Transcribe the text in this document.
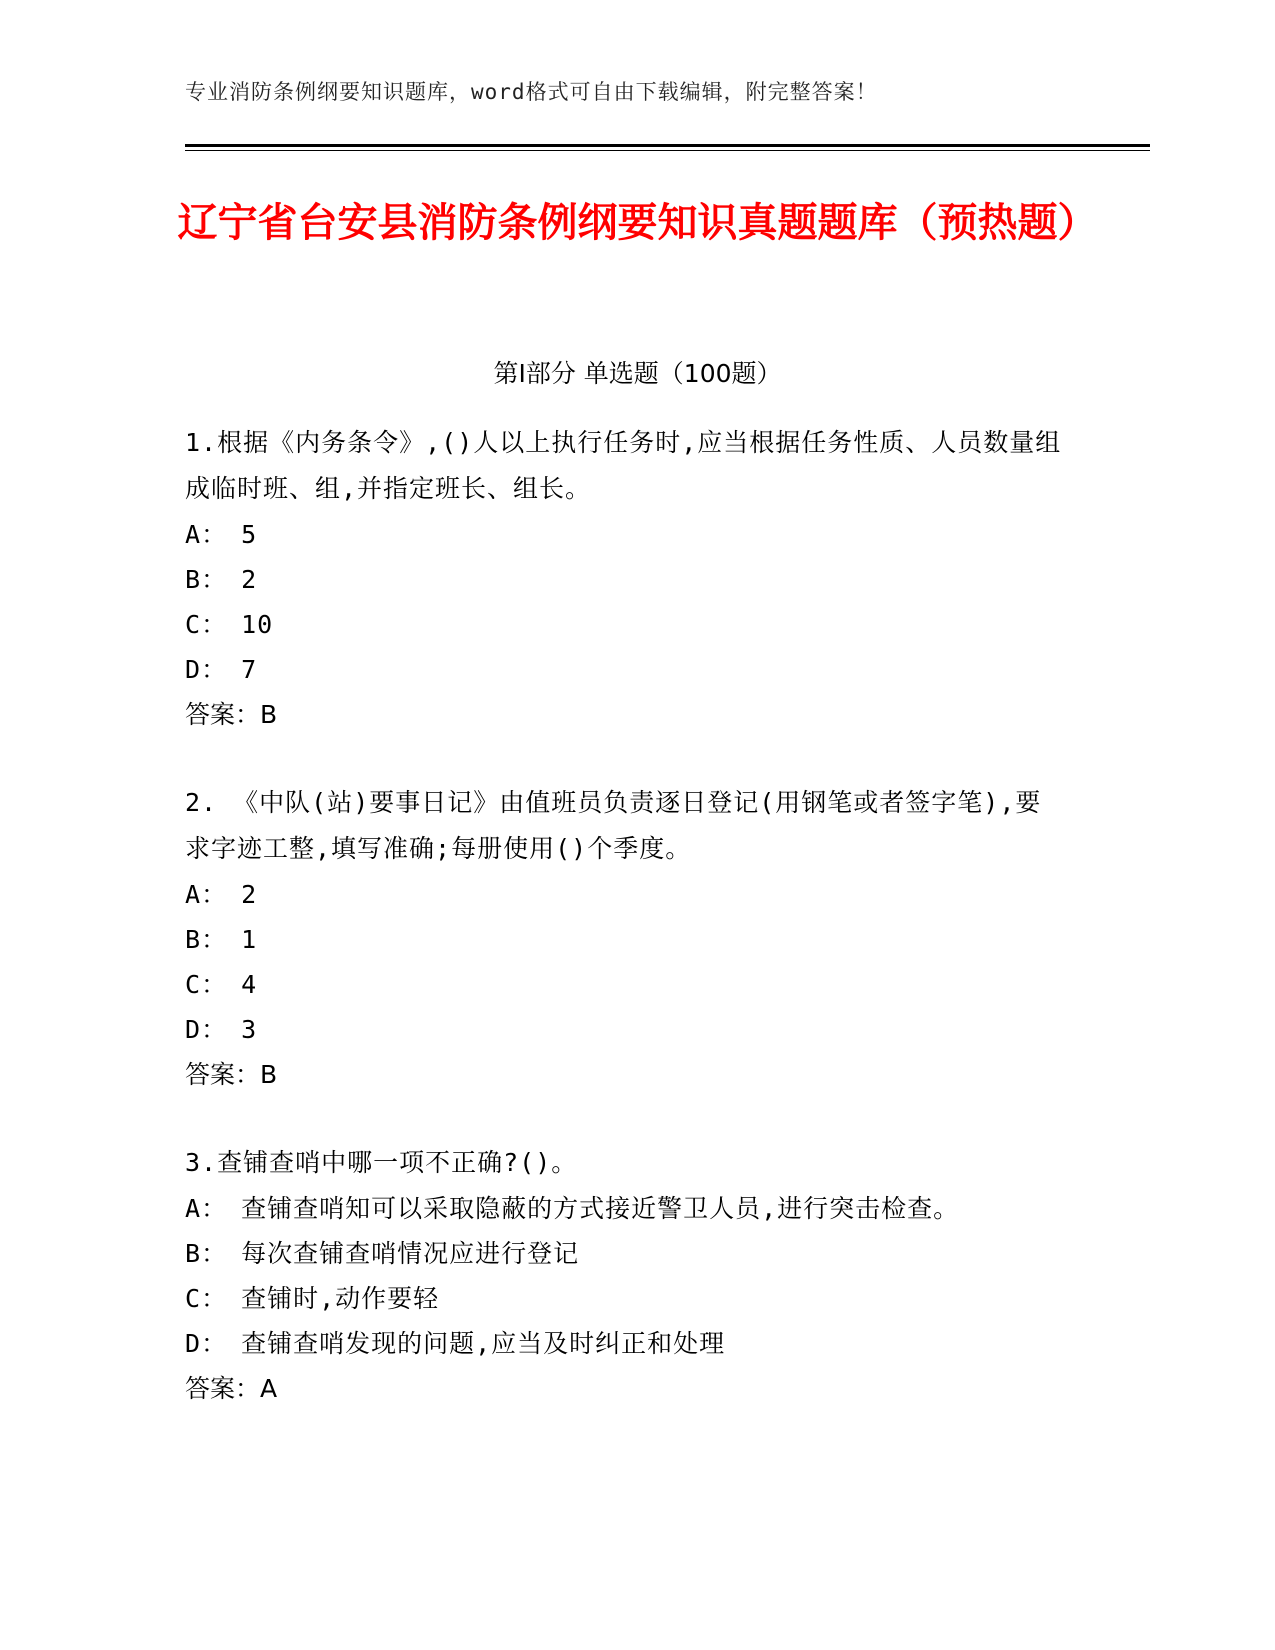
专业消防条例纲要知识题库，word格式可自由下载编辑，附完整答案！
辽宁省台安县消防条例纲要知识真题题库（预热题）
第Ⅰ部分 单选题（100题）

1.根据《内务条令》,()人以上执行任务时,应当根据任务性质、人员数量组成临时班、组,并指定班长、组长。

A： 5

B： 2

C： 10

D： 7

答案：B

2. 《中队(站)要事日记》由值班员负责逐日登记(用钢笔或者签字笔),要求字迹工整,填写准确;每册使用()个季度。

A： 2

B： 1

C： 4

D： 3

答案：B

3.查铺查哨中哪一项不正确?()。

A： 查铺查哨知可以采取隐蔽的方式接近警卫人员,进行突击检查。

B： 每次查铺查哨情况应进行登记

C： 查铺时,动作要轻

D： 查铺查哨发现的问题,应当及时纠正和处理

答案：A
